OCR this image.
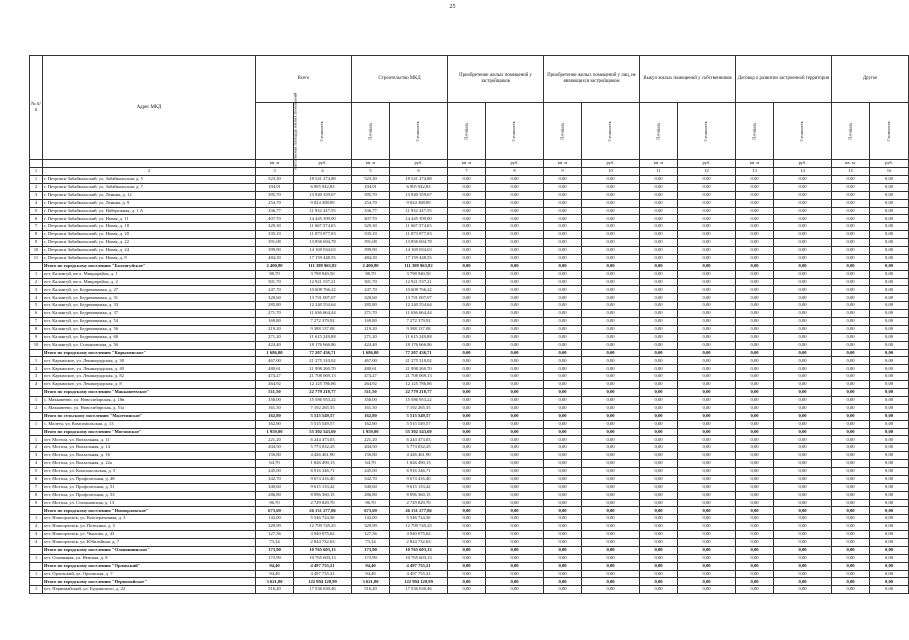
25
№ п/п	Адрес МКД	Всего		Строительство МКД		Приобретение жилых помещений у застройщиков		Приобретение жилых помещений у лиц, не являющихся застройщиком		Выкуп жилых помещений у собственников		Договор о развитии застроенной территории		Другое	
		Расселяемая площадь жилых помещений	Стоимость	Площадь	Стоимость	Площадь	Стоимость	Площадь	Стоимость	Площадь	Стоимость	Площадь	Стоимость	Площадь	Стоимость
		кв. м	руб.	кв. м	руб.	кв. м	руб.	кв. м	руб.	кв. м	руб.	кв. м	руб.	кв. м.	руб.
1	2	3	4	5	6	7	8	9	10	11	12	13	14	15	16
1	г. Петровск-Забайкальский, ул. Забайкальская, д. 5	523,30	18 541 274,88	523,30	18 541 274,88	0,00	0,00	0,00	0,00	0,00	0,00	0,00	0,00	0,00	0,00
2	г. Петровск-Забайкальский, ул. Забайкальская, д. 7	194,91	6 905 942,83	194,91	6 905 942,83	0,00	0,00	0,00	0,00	0,00	0,00	0,00	0,00	0,00	0,00
3	г. Петровск-Забайкальский, ул. Ленина, д. 12	395,70	13 940 359,67	395,70	13 940 359,67	0,00	0,00	0,00	0,00	0,00	0,00	0,00	0,00	0,00	0,00
4	г. Петровск-Забайкальский, ул. Ленина, д. 9	254,70	9 024 388,89	254,70	9 024 388,89	0,00	0,00	0,00	0,00	0,00	0,00	0,00	0,00	0,00	0,00
5	г. Петровск-Забайкальский, ул. Набережная, д. 1 А	336,77	11 932 247,55	336,77	11 932 247,55	0,00	0,00	0,00	0,00	0,00	0,00	0,00	0,00	0,00	0,00
6	г. Петровск-Забайкальский, ул. Новая, д. 11	407,70	14 445 399,00	407,70	14 445 399,00	0,00	0,00	0,00	0,00	0,00	0,00	0,00	0,00	0,00	0,00
7	г. Петровск-Забайкальский, ул. Новая, д. 18	329,30	11 667 574,65	329,30	11 667 574,65	0,00	0,00	0,00	0,00	0,00	0,00	0,00	0,00	0,00	0,00
8	г. Петровск-Забайкальский, ул. Новая, д. 20	335,10	11 873 077,03	335,10	11 873 077,03	0,00	0,00	0,00	0,00	0,00	0,00	0,00	0,00	0,00	0,00
9	г. Петровск-Забайкальский, ул. Новая, д. 22	391,08	13 856 694,78	391,08	13 856 694,78	0,00	0,00	0,00	0,00	0,00	0,00	0,00	0,00	0,00	0,00
10	г. Петровск-Забайкальский, ул. Новая, д. 24	399,90	14 169 034,63	399,90	14 169 034,63	0,00	0,00	0,00	0,00	0,00	0,00	0,00	0,00	0,00	0,00
11	г. Петровск-Забайкальский, ул. Новая, д. 8	484,30	17 159 448,55	484,30	17 159 448,55	0,00	0,00	0,00	0,00	0,00	0,00	0,00	0,00	0,00	0,00
	Итого по городскому поселению "Балеягуйское"	2 400,80	111 389 963,82	2 400,80	111 389 963,82	0,00	0,00	0,00	0,00	0,00	0,00	0,00	0,00	0,00	0,00
1	пгт. Калангуй, кв-л. Микрорайон, д. 1	88,70	3 798 940,50	88,70	3 798 940,50	0,00	0,00	0,00	0,00	0,00	0,00	0,00	0,00	0,00	0,00
2	пгт. Калангуй, кв-л. Микрорайон, д. 2	301,70	12 921 537,21	301,70	12 921 537,21	0,00	0,00	0,00	0,00	0,00	0,00	0,00	0,00	0,00	0,00
3	пгт. Калангуй, ул. Бедрениковая, д. 27	247,70	10 608 766,22	247,70	10 608 766,22	0,00	0,00	0,00	0,00	0,00	0,00	0,00	0,00	0,00	0,00
4	пгт. Калангуй, ул. Бедрениковая, д. 31	320,60	13 731 007,07	320,60	13 731 007,07	0,00	0,00	0,00	0,00	0,00	0,00	0,00	0,00	0,00	0,00
5	пгт. Калангуй, ул. Бедрениковая, д. 33	285,80	12 240 554,64	285,80	12 240 554,64	0,00	0,00	0,00	0,00	0,00	0,00	0,00	0,00	0,00	0,00
6	пгт. Калангуй, ул. Бедрениковая, д. 37	271,70	11 636 664,44	271,70	11 636 664,44	0,00	0,00	0,00	0,00	0,00	0,00	0,00	0,00	0,00	0,00
7	пгт. Калангуй, ул. Бедрениковая, д. 54	169,80	7 272 379,92	169,80	7 272 379,92	0,00	0,00	0,00	0,00	0,00	0,00	0,00	0,00	0,00	0,00
8	пгт. Калангуй, ул. Бедрениковая, д. 56	219,20	9 388 137,08	219,20	9 388 137,08	0,00	0,00	0,00	0,00	0,00	0,00	0,00	0,00	0,00	0,00
9	пгт. Калангуй, ул. Бедрениковая, д. 60	271,20	11 615 249,88	271,20	11 615 249,88	0,00	0,00	0,00	0,00	0,00	0,00	0,00	0,00	0,00	0,00
10	пгт. Калангуй, ул. Стахановская, д. 56	424,40	18 176 666,86	424,40	18 176 666,86	0,00	0,00	0,00	0,00	0,00	0,00	0,00	0,00	0,00	0,00
	Итого по городскому поселению "Кпрыменское"	1 686,80	77 207 436,71	1 686,80	77 207 436,71	0,00	0,00	0,00	0,00	0,00	0,00	0,00	0,00	0,00	0,00
1	пгт. Карымское, ул. Ленинградская, д. 38	467,00	21 275 310,02	467,00	21 275 310,02	0,00	0,00	0,00	0,00	0,00	0,00	0,00	0,00	0,00	0,00
2	пгт. Карымское, ул. Ленинградская, д. 40	480,61	21 998 260,70	480,61	21 998 260,70	0,00	0,00	0,00	0,00	0,00	0,00	0,00	0,00	0,00	0,00
3	пгт. Карымское, ул. Ленинградская, д. 82	474,27	21 708 069,13	474,27	21 708 069,13	0,00	0,00	0,00	0,00	0,00	0,00	0,00	0,00	0,00	0,00
4	пгт. Карымское, ул. Ленинградская, д. 8	264,92	12 125 786,86	264,92	12 125 786,86	0,00	0,00	0,00	0,00	0,00	0,00	0,00	0,00	0,00	0,00
	Итого по городскому поселению "Маккавеевское"	511,50	22 779 218,77	511,50	22 779 218,77	0,00	0,00	0,00	0,00	0,00	0,00	0,00	0,00	0,00	0,00
1	с. Маккавеево, ул. Новосибирская, д. 18в	350,00	15 586 953,22	350,00	15 586 953,22	0,00	0,00	0,00	0,00	0,00	0,00	0,00	0,00	0,00	0,00
2	с. Маккавеево, ул. Новосибирская, д. 51а	161,50	7 192 265,55	161,50	7 192 265,55	0,00	0,00	0,00	0,00	0,00	0,00	0,00	0,00	0,00	0,00
	Итого по сельскому поселению "Малетинское"	162,80	5 515 549,57	162,80	5 515 549,57	0,00	0,00	0,00	0,00	0,00	0,00	0,00	0,00	0,00	0,00
1	с. Малета, ул. Комсомольская, д. 13	162,80	5 515 549,57	162,80	5 515 549,57	0,00	0,00	0,00	0,00	0,00	0,00	0,00	0,00	0,00	0,00
	Итого по городскому поселению "Могзонское"	1 959,00	55 302 543,69	1 959,00	55 302 543,69	0,00	0,00	0,00	0,00	0,00	0,00	0,00	0,00	0,00	0,00
1	пгт. Могзон, ул. Вокзальная, д. 11	221,20	6 244 473,03	221,20	6 244 473,03	0,00	0,00	0,00	0,00	0,00	0,00	0,00	0,00	0,00	0,00
2	пгт. Могзон, ул. Вокзальная, д. 14	204,50	5 773 032,25	204,50	5 773 032,25	0,00	0,00	0,00	0,00	0,00	0,00	0,00	0,00	0,00	0,00
3	пгт. Могзон, ул. Вокзальная, д. 16	156,80	4 426 461,90	156,80	4 426 461,90	0,00	0,00	0,00	0,00	0,00	0,00	0,00	0,00	0,00	0,00
4	пгт. Могзон, ул. Вокзальная, д. 22а	64,70	1 826 490,13	64,70	1 826 490,13	0,00	0,00	0,00	0,00	0,00	0,00	0,00	0,00	0,00	0,00
5	пгт. Могзон, ул. Комсомольская, д. 5	245,00	6 916 346,71	245,00	6 916 346,71	0,00	0,00	0,00	0,00	0,00	0,00	0,00	0,00	0,00	0,00
6	пгт. Могзон, ул. Профсоюзная, д. 48	342,70	9 674 416,40	342,70	9 674 416,40	0,00	0,00	0,00	0,00	0,00	0,00	0,00	0,00	0,00	0,00
7	пгт. Могзон, ул. Профсоюзная, д. 51	340,60	9 615 133,42	340,60	9 615 133,42	0,00	0,00	0,00	0,00	0,00	0,00	0,00	0,00	0,00	0,00
8	пгт. Могзон, ул. Профсоюзная, д. 53	286,80	8 096 360,15	286,80	8 096 360,15	0,00	0,00	0,00	0,00	0,00	0,00	0,00	0,00	0,00	0,00
9	пгт. Могзон, ул. Стахановская, д. 13	96,70	2 729 829,70	96,70	2 729 829,70	0,00	0,00	0,00	0,00	0,00	0,00	0,00	0,00	0,00	0,00
	Итого по городскому поселению "Новоорловское"	673,69	26 131 277,86	673,69	26 131 277,86	0,00	0,00	0,00	0,00	0,00	0,00	0,00	0,00	0,00	0,00
1	пгт. Новоорловск, ул. Кооперативная, д. 3	143,00	5 546 724,36	143,00	5 546 724,36	0,00	0,00	0,00	0,00	0,00	0,00	0,00	0,00	0,00	0,00
2	пгт. Новоорловск, ул. Потехина, д. 5	329,99	12 799 745,25	329,99	12 799 745,25	0,00	0,00	0,00	0,00	0,00	0,00	0,00	0,00	0,00	0,00
3	пгт. Новоорловск, ул. Чкалова, д. 43	127,36	4 940 075,62	127,36	4 940 075,62	0,00	0,00	0,00	0,00	0,00	0,00	0,00	0,00	0,00	0,00
4	пгт. Новоорловск, ул. Юбилейная, д. 7	73,34	2 844 732,63	73,34	2 844 732,63	0,00	0,00	0,00	0,00	0,00	0,00	0,00	0,00	0,00	0,00
	Итого по городскому поселению "Оловяннинское"	173,90	10 765 603,13	173,90	10 765 603,13	0,00	0,00	0,00	0,00	0,00	0,00	0,00	0,00	0,00	0,00
1	пгт. Оловянная, ул. Невская, д. 8	173,90	10 765 603,13	173,90	10 765 603,13	0,00	0,00	0,00	0,00	0,00	0,00	0,00	0,00	0,00	0,00
	Итого по городскому поселению "Орловский"	94,40	4 497 755,21	94,40	4 497 755,21	0,00	0,00	0,00	0,00	0,00	0,00	0,00	0,00	0,00	0,00
1	пгт. Орловский, ул. Орловская, д. 7	94,40	4 497 755,21	94,40	4 497 755,21	0,00	0,00	0,00	0,00	0,00	0,00	0,00	0,00	0,00	0,00
	Итого по городскому поселению "Первомайское"	3 621,80	122 994 128,99	3 621,80	122 994 128,99	0,00	0,00	0,00	0,00	0,00	0,00	0,00	0,00	0,00	0,00
1	пгт. Первомайский, ул. Будышского, д. 22	516,40	17 536 630,46	516,40	17 536 630,46	0,00	0,00	0,00	0,00	0,00	0,00	0,00	0,00	0,00	0,00
